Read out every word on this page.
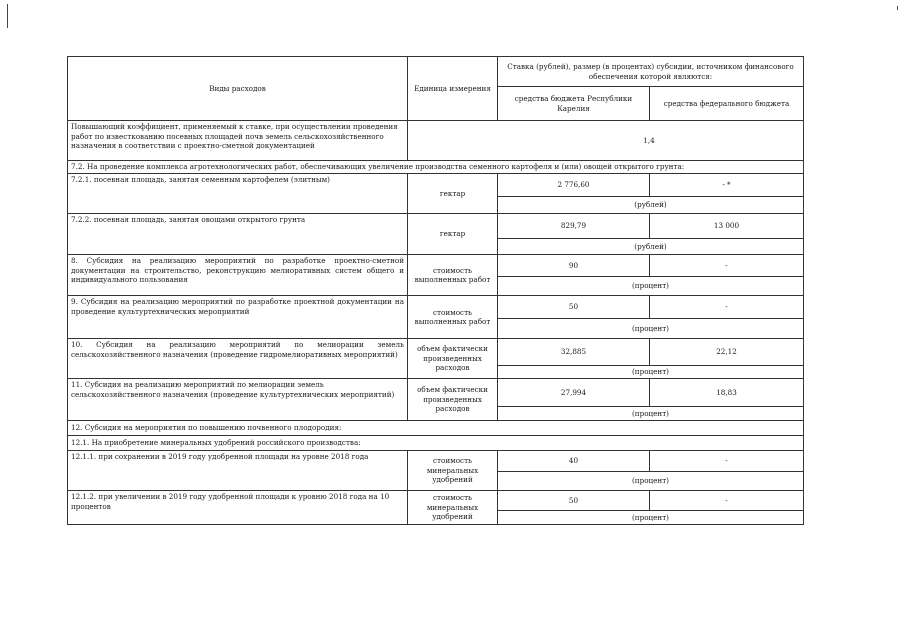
Виды расходов	Единица измерения	Ставка (рублей), размер (в процентах) субсидии, источником финансового обеспечения которой являются:	
		средства бюджета Республики Карелия	средства федерального бюджета
Повышающий коэффициент, применяемый к ставке, при осуществлении проведения работ по известкованию посевных площадей почв земель сельскохозяйственного назначения в соответствии с проектно-сметной документацией	1,4		
7.2. На проведение комплекса агротехнологических работ, обеспечивающих увеличение производства семенного картофеля и (или) овощей открытого грунта:			
7.2.1. посевная площадь, занятая семенным картофелем (элитным)	гектар	2 776,60	- *
		(рублей)	
7.2.2. посевная площадь, занятая овощами открытого грунта	гектар	829,79	13 000
		(рублей)	
8. Субсидия на реализацию мероприятий по разработке проектно-сметной документации на строительство, реконструкцию мелиоративных систем общего и индивидуального пользования	стоимость выполненных работ	90	-
		(процент)	
9. Субсидия на реализацию мероприятий по разработке проектной документации на проведение культуртехнических мероприятий	стоимость выполненных работ	50	-
		(процент)	
10. Субсидия на реализацию мероприятий по мелиорации земель сельскохозяйственного назначения (проведение гидромелиоративных мероприятий)	объем фактически произведенных расходов	32,885	22,12
		(процент)	
11. Субсидия на реализацию мероприятий по мелиорации земель сельскохозяйственного назначения (проведение культуртехнических мероприятий)	объем фактически произведенных расходов	27,994	18,83
		(процент)	
12. Субсидия на мероприятия по повышению почвенного плодородия:			
12.1. На приобретение минеральных удобрений российского производства:			
12.1.1. при сохранении в 2019 году удобренной площади на уровне 2018 года	стоимость минеральных удобрений	40	-
		(процент)	
12.1.2. при увеличении в 2019 году удобренной площади к уровню 2018 года на 10 процентов	стоимость минеральных удобрений	50	-
		(процент)	
